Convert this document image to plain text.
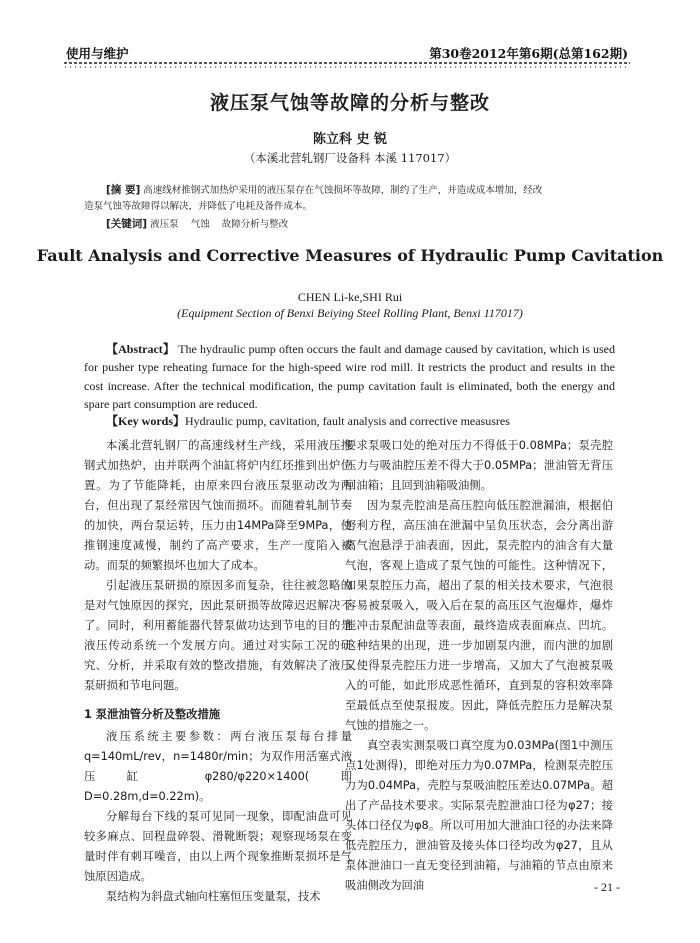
使用与维护	第30卷2012年第6期(总第162期)
液压泵气蚀等故障的分析与整改
陈立科 史 锐
（本溪北营轧钢厂设备科 本溪 117017）
[摘 要] 高速线材推钢式加热炉采用的液压泵存在气蚀损坏等故障，制约了生产，并造成成本增加，经改
造泵气蚀等故障得以解决，并降低了电耗及备件成本。
[关键词] 液压泵 气蚀 故障分析与整改
Fault Analysis and Corrective Measures of Hydraulic Pump Cavitation
CHEN Li-ke,SHI Rui
(Equipment Section of Benxi Beiying Steel Rolling Plant, Benxi 117017)
【Abstract】 The hydraulic pump often occurs the fault and damage caused by cavitation, which is used for pusher type reheating furnace for the high-speed wire rod mill. It restricts the product and results in the cost increase. After the technical modification, the pump cavitation fault is eliminated, both the energy and spare part consumption are reduced.
【Key words】Hydraulic pump, cavitation, fault analysis and corrective measusres

本溪北营轧钢厂的高速线材生产线，采用液压推钢式加热炉，由并联两个油缸将炉内红坯推到出炉位置。为了节能降耗，由原来四台液压泵驱动改为两台，但出现了泵经常因气蚀而损坏。而随着轧制节奏的加快，两台泵运转，压力由14MPa降至9MPa，使推钢速度减慢，制约了高产要求，生产一度陷入被动。而泵的频繁损坏也加大了成本。

引起液压泵研损的原因多而复杂，往往被忽略的是对气蚀原因的探究，因此泵研损等故障迟迟解决不了。同时，利用蓄能器代替泵做功达到节电的目的是液压传动系统一个发展方向。通过对实际工况的研究、分析，并采取有效的整改措施，有效解决了液压泵研损和节电问题。

1 泵泄油管分析及整改措施

液压系统主要参数：两台液压泵每台排量q=140mL/rev，n=1480r/min；为双作用活塞式液压缸 φ280/φ220×1400(即D=0.28m,d=0.22m)。

分解每台下线的泵可见同一现象，即配油盘可见较多麻点、回程盘碎裂、滑靴断裂；观察现场泵在变量时伴有刺耳噪音，由以上两个现象推断泵损坏是气蚀原因造成。

泵结构为斜盘式轴向柱塞恒压变量泵，技术

要求泵吸口处的绝对压力不得低于0.08MPa；泵壳腔压力与吸油腔压差不得大于0.05MPa；泄油管无背压回油箱；且回到油箱吸油侧。

因为泵壳腔油是高压腔向低压腔泄漏油，根据伯努利方程，高压油在泄漏中呈负压状态，会分离出游离气泡悬浮于油表面，因此，泵壳腔内的油含有大量气泡，客观上造成了泵气蚀的可能性。这种情况下，如果泵腔压力高，超出了泵的相关技术要求，气泡很容易被泵吸入，吸入后在泵的高压区气泡爆炸，爆炸能冲击泵配油盘等表面，最终造成表面麻点、凹坑。这种结果的出现，进一步加剧泵内泄，而内泄的加剧又使得泵壳腔压力进一步增高，又加大了气泡被泵吸入的可能，如此形成恶性循环，直到泵的容积效率降至最低点至使泵报废。因此，降低壳腔压力是解决泵气蚀的措施之一。

真空表实测泵吸口真空度为0.03MPa(图1中测压点1处测得)，即绝对压力为0.07MPa，检测泵壳腔压力为0.04MPa，壳腔与泵吸油腔压差达0.07MPa。超出了产品技术要求。实际泵壳腔泄油口径为φ27；接头体口径仅为φ8。所以可用加大泄油口径的办法来降低壳腔压力，泄油管及接头体口径均改为φ27，且从泵体泄油口一直无变径到油箱，与油箱的节点由原来吸油侧改为回油	- 21 -
